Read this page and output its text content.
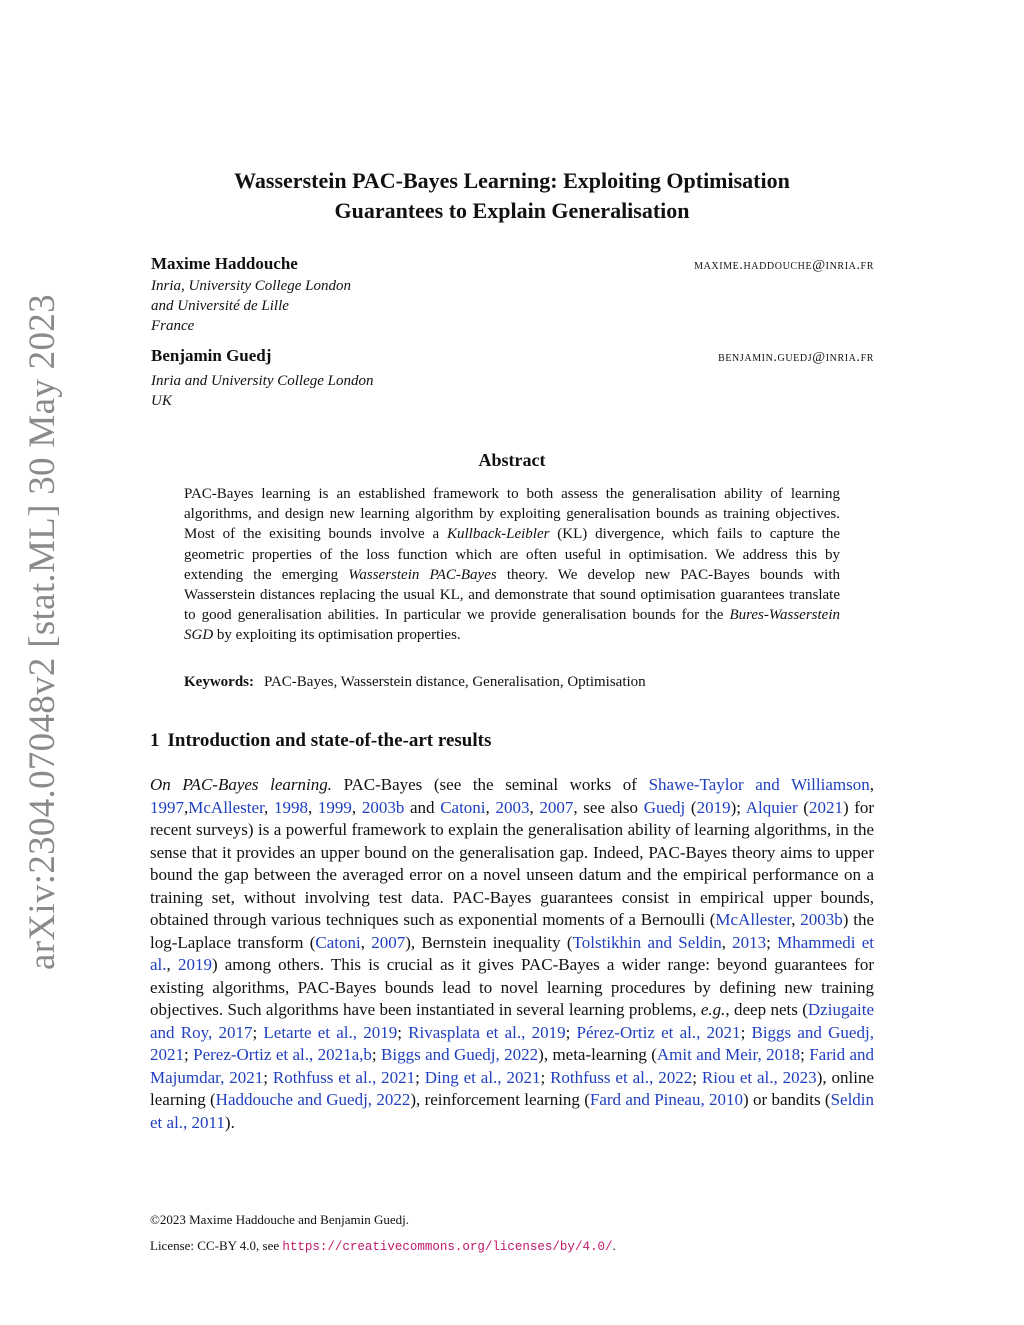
arXiv:2304.07048v2 [stat.ML] 30 May 2023
Wasserstein PAC-Bayes Learning: Exploiting Optimisation
Guarantees to Explain Generalisation
Maxime Haddouche	maxime.haddouche@inria.fr
Inria, University College London
and Université de Lille
France
Benjamin Guedj	benjamin.guedj@inria.fr
Inria and University College London
UK
Abstract
PAC-Bayes learning is an established framework to both assess the generalisation ability of learning algorithms, and design new learning algorithm by exploiting generalisation bounds as training objectives. Most of the exisiting bounds involve a Kullback-Leibler (KL) divergence, which fails to capture the geometric properties of the loss function which are often useful in optimisation. We address this by extending the emerging Wasserstein PAC-Bayes theory. We develop new PAC-Bayes bounds with Wasserstein distances replacing the usual KL, and demonstrate that sound optimisation guarantees translate to good generalisation abilities. In particular we provide generalisation bounds for the Bures-Wasserstein SGD by exploiting its optimisation properties.
Keywords: PAC-Bayes, Wasserstein distance, Generalisation, Optimisation
1 Introduction and state-of-the-art results
On PAC-Bayes learning. PAC-Bayes (see the seminal works of Shawe-Taylor and Williamson, 1997,McAllester, 1998, 1999, 2003b and Catoni, 2003, 2007, see also Guedj (2019); Alquier (2021) for recent surveys) is a powerful framework to explain the generalisation ability of learning algorithms, in the sense that it provides an upper bound on the generalisation gap. Indeed, PAC-Bayes theory aims to upper bound the gap between the averaged error on a novel unseen datum and the empirical performance on a training set, without involving test data. PAC-Bayes guarantees consist in empirical upper bounds, obtained through various techniques such as exponential moments of a Bernoulli (McAllester, 2003b) the log-Laplace transform (Catoni, 2007), Bernstein inequality (Tolstikhin and Seldin, 2013; Mhammedi et al., 2019) among others. This is crucial as it gives PAC-Bayes a wider range: beyond guarantees for existing algorithms, PAC-Bayes bounds lead to novel learning procedures by defining new training objectives. Such algorithms have been instantiated in several learning problems, e.g., deep nets (Dziugaite and Roy, 2017; Letarte et al., 2019; Rivasplata et al., 2019; Pérez-Ortiz et al., 2021; Biggs and Guedj, 2021; Perez-Ortiz et al., 2021a,b; Biggs and Guedj, 2022), meta-learning (Amit and Meir, 2018; Farid and Majumdar, 2021; Rothfuss et al., 2021; Ding et al., 2021; Rothfuss et al., 2022; Riou et al., 2023), online learning (Haddouche and Guedj, 2022), reinforcement learning (Fard and Pineau, 2010) or bandits (Seldin et al., 2011).
©2023 Maxime Haddouche and Benjamin Guedj.
License: CC-BY 4.0, see https://creativecommons.org/licenses/by/4.0/.
